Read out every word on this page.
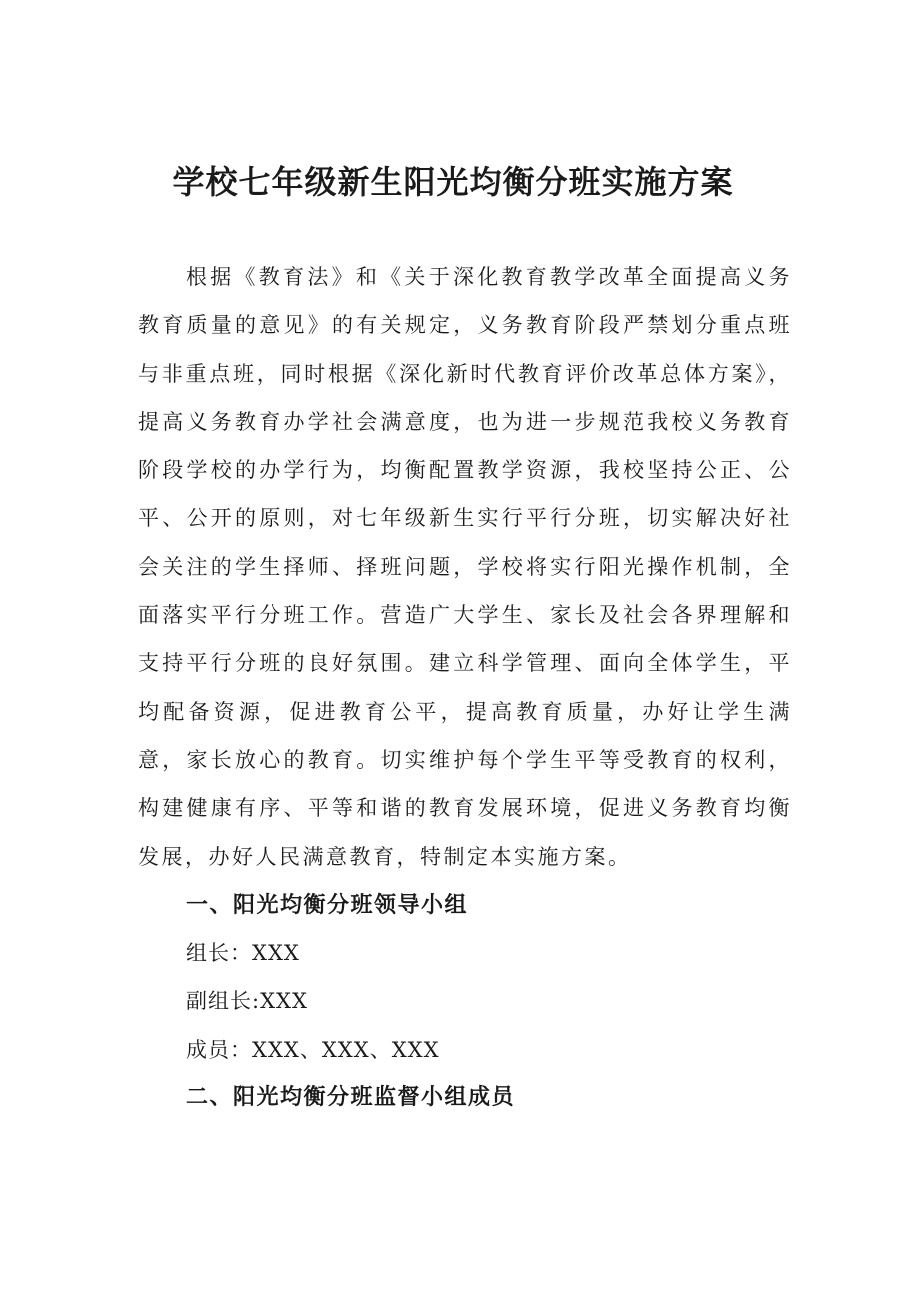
学校七年级新生阳光均衡分班实施方案

根据《教育法》和《关于深化教育教学改革全面提高义务教育质量的意见》的有关规定，义务教育阶段严禁划分重点班与非重点班，同时根据《深化新时代教育评价改革总体方案》，提高义务教育办学社会满意度，也为进一步规范我校义务教育阶段学校的办学行为，均衡配置教学资源，我校坚持公正、公平、公开的原则，对七年级新生实行平行分班，切实解决好社会关注的学生择师、择班问题，学校将实行阳光操作机制，全面落实平行分班工作。营造广大学生、家长及社会各界理解和支持平行分班的良好氛围。建立科学管理、面向全体学生，平均配备资源，促进教育公平，提高教育质量，办好让学生满意，家长放心的教育。切实维护每个学生平等受教育的权利，构建健康有序、平等和谐的教育发展环境，促进义务教育均衡发展，办好人民满意教育，特制定本实施方案。

一、阳光均衡分班领导小组

组长：XXX

副组长:XXX

成员：XXX、XXX、XXX

二、阳光均衡分班监督小组成员
